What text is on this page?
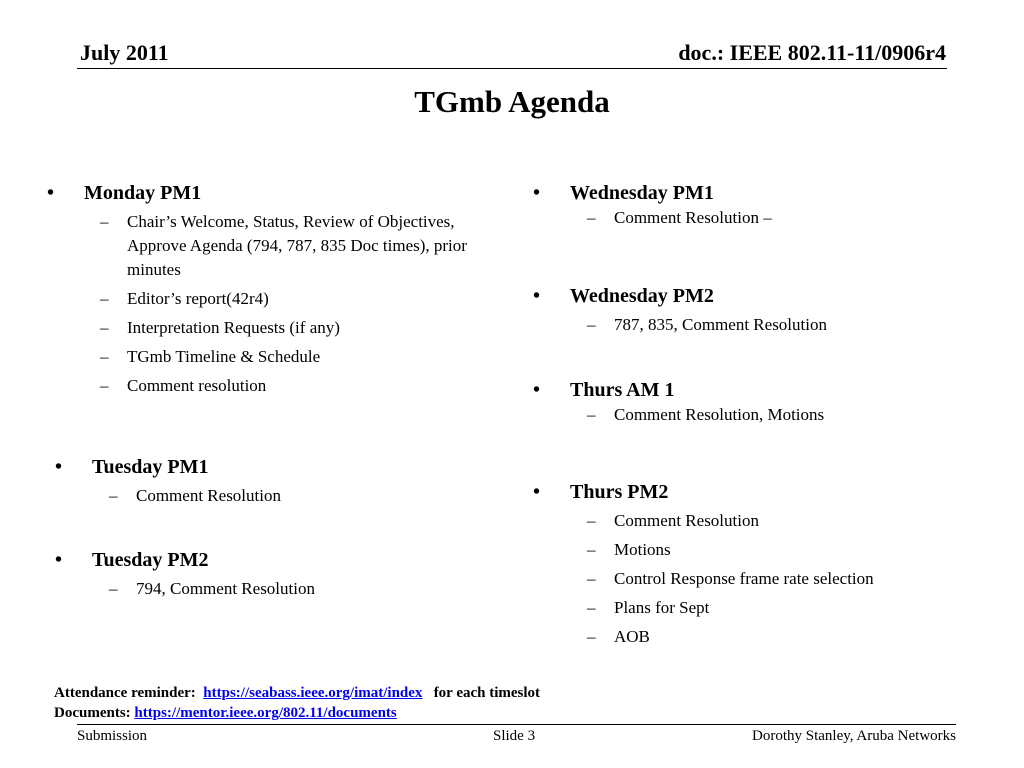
July 2011	doc.: IEEE 802.11-11/0906r4
TGmb Agenda
• Monday PM1
– Chair’s Welcome, Status, Review of Objectives, Approve Agenda (794, 787, 835 Doc times), prior minutes
– Editor’s report(42r4)
– Interpretation Requests (if any)
– TGmb Timeline & Schedule
– Comment resolution
• Tuesday PM1
– Comment Resolution
• Tuesday PM2
– 794, Comment Resolution
• Wednesday PM1
– Comment Resolution –
• Wednesday PM2
– 787, 835, Comment Resolution
• Thurs AM 1
– Comment Resolution, Motions
• Thurs PM2
– Comment Resolution
– Motions
– Control Response frame rate selection
– Plans for Sept
– AOB
Attendance reminder: https://seabass.ieee.org/imat/index for each timeslot
Documents: https://mentor.ieee.org/802.11/documents
Submission	Slide 3	Dorothy Stanley, Aruba Networks
